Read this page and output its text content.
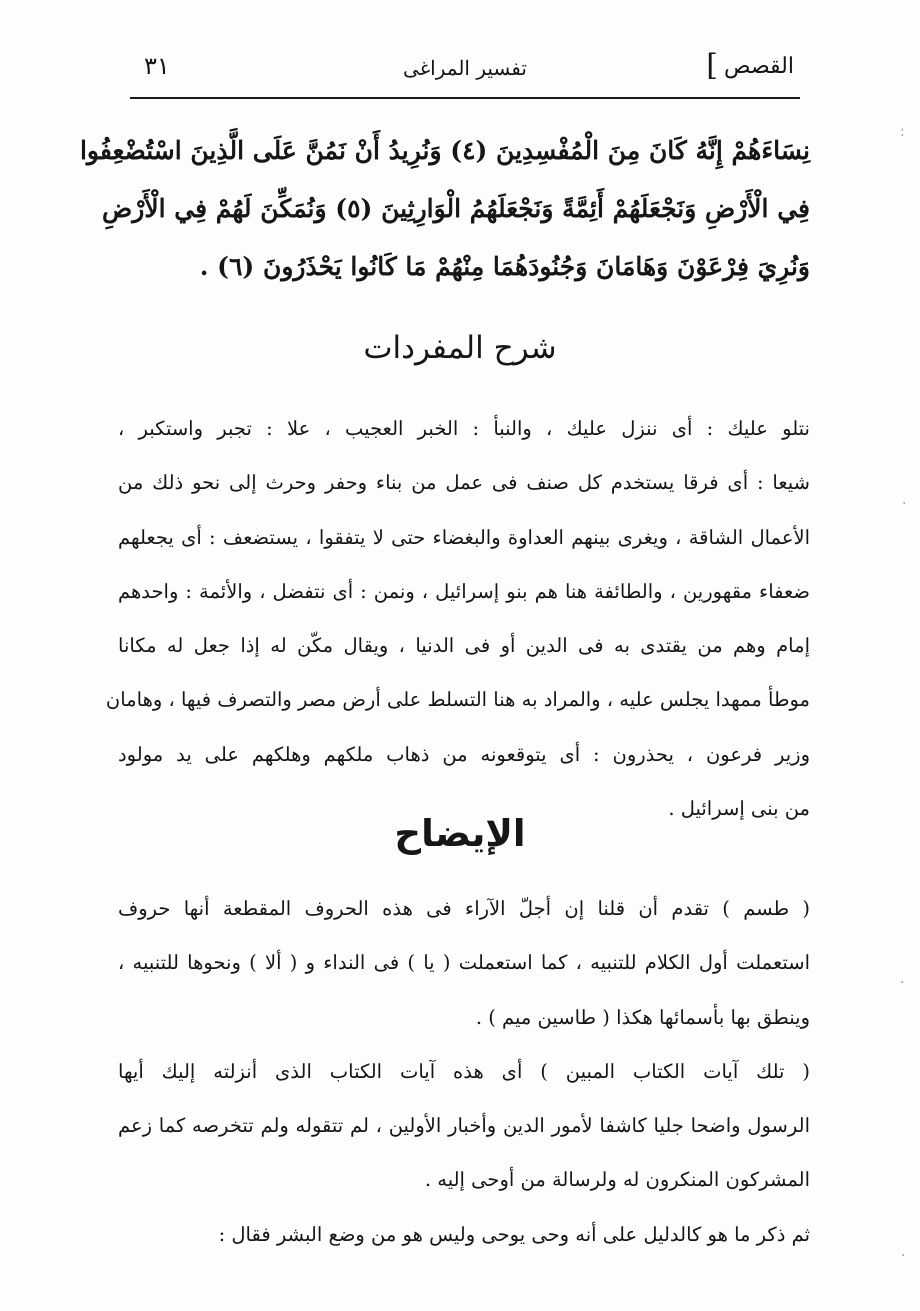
القصص
]
تفسير المراغى
٣١
نِسَاءَهُمْ إِنَّهُ كَانَ مِنَ الْمُفْسِدِينَ (٤) وَنُرِيدُ أَنْ نَمُنَّ عَلَى الَّذِينَ اسْتُضْعِفُوا
فِي الْأَرْضِ وَنَجْعَلَهُمْ أَئِمَّةً وَنَجْعَلَهُمُ الْوَارِثِينَ (٥) وَنُمَكِّنَ لَهُمْ فِي الْأَرْضِ
وَنُرِيَ فِرْعَوْنَ وَهَامَانَ وَجُنُودَهُمَا مِنْهُمْ مَا كَانُوا يَحْذَرُونَ (٦) .
شرح المفردات
نتلو عليك : أى ننزل عليك ، والنبأ : الخبر العجيب ، علا : تجبر واستكبر ،
شيعا : أى فرقا يستخدم كل صنف فى عمل من بناء وحفر وحرث إلى نحو ذلك من
الأعمال الشاقة ، ويغرى بينهم العداوة والبغضاء حتى لا يتفقوا ، يستضعف : أى يجعلهم
ضعفاء مقهورين ، والطائفة هنا هم بنو إسرائيل ، ونمن : أى نتفضل ، والأئمة : واحدهم
إمام وهم من يقتدى به فى الدين أو فى الدنيا ، ويقال مكّن له إذا جعل له مكانا
موطأ ممهدا يجلس عليه ، والمراد به هنا التسلط على أرض مصر والتصرف فيها ، وهامان
وزير فرعون ، يحذرون : أى يتوقعونه من ذهاب ملكهم وهلكهم على يد مولود
من بنى إسرائيل .
الإيضاح
( طسم ) تقدم أن قلنا إن أجلّ الآراء فى هذه الحروف المقطعة أنها حروف
استعملت أول الكلام للتنبيه ، كما استعملت ( يا ) فى النداء و ( ألا ) ونحوها للتنبيه ،
وينطق بها بأسمائها هكذا ( طاسين ميم ) .
( تلك آيات الكتاب المبين ) أى هذه آيات الكتاب الذى أنزلته إليك أيها
الرسول واضحا جليا كاشفا لأمور الدين وأخبار الأولين ، لم تتقوله ولم تتخرصه كما زعم
المشركون المنكرون له ولرسالة من أوحى إليه .
ثم ذكر ما هو كالدليل على أنه وحى يوحى وليس هو من وضع البشر فقال :
:
·
·
·
